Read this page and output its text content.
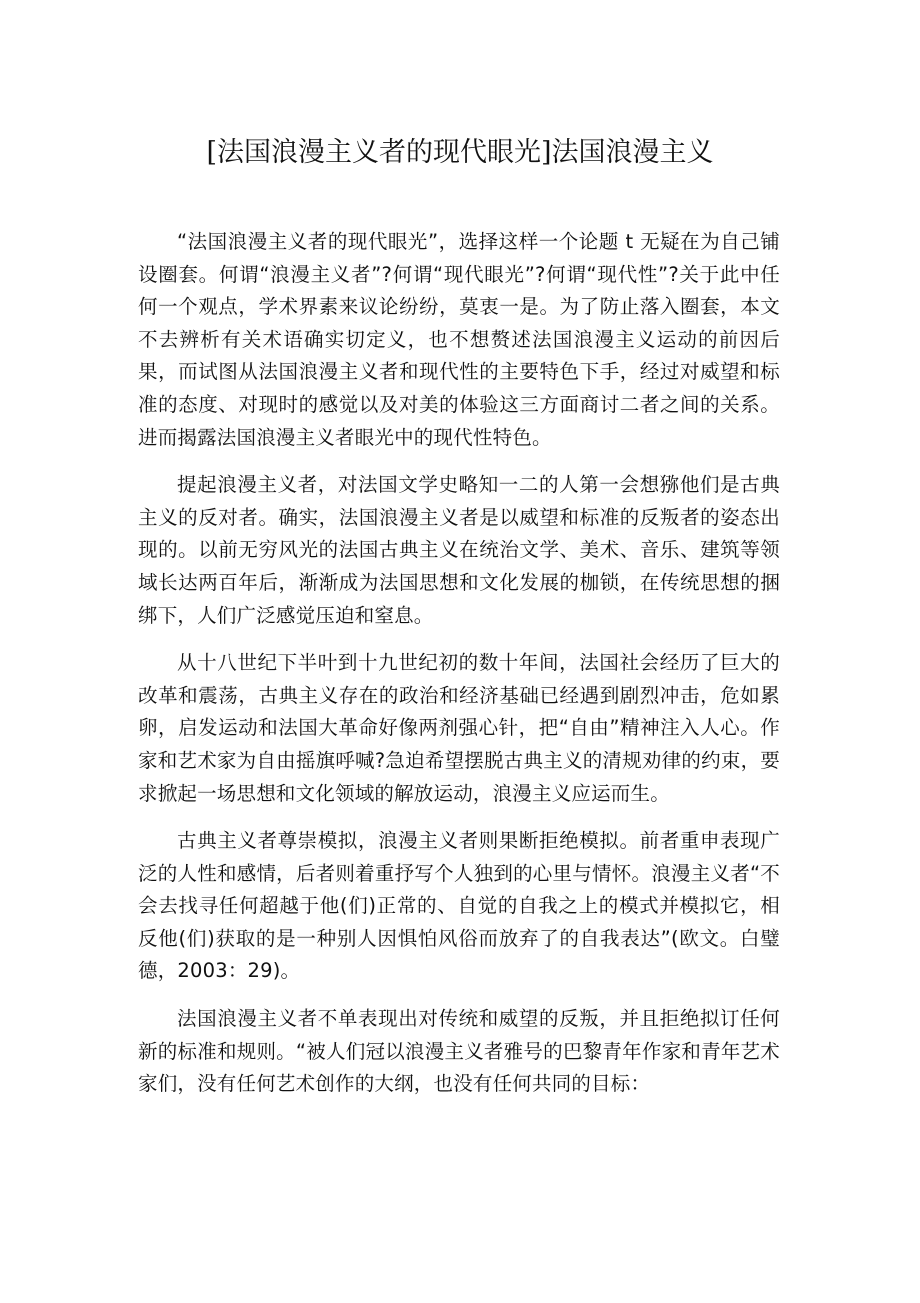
[法国浪漫主义者的现代眼光]法国浪漫主义

“法国浪漫主义者的现代眼光”，选择这样一个论题 t 无疑在为自己铺设圈套。何谓“浪漫主义者”?何谓“现代眼光”?何谓“现代性”?关于此中任何一个观点，学术界素来议论纷纷，莫衷一是。为了防止落入圈套，本文不去辨析有关术语确实切定义，也不想赘述法国浪漫主义运动的前因后果，而试图从法国浪漫主义者和现代性的主要特色下手，经过对威望和标准的态度、对现时的感觉以及对美的体验这三方面商讨二者之间的关系。进而揭露法国浪漫主义者眼光中的现代性特色。

提起浪漫主义者，对法国文学史略知一二的人第一会想猕他们是古典主义的反对者。确实，法国浪漫主义者是以威望和标准的反叛者的姿态出现的。以前无穷风光的法国古典主义在统治文学、美术、音乐、建筑等领域长达两百年后，渐渐成为法国思想和文化发展的枷锁，在传统思想的捆绑下，人们广泛感觉压迫和窒息。

从十八世纪下半叶到十九世纪初的数十年间，法国社会经历了巨大的改革和震荡，古典主义存在的政治和经济基础已经遇到剧烈冲击，危如累卵，启发运动和法国大革命好像两剂强心针，把“自由”精神注入人心。作家和艺术家为自由摇旗呼喊?急迫希望摆脱古典主义的清规劝律的约束，要求掀起一场思想和文化领域的解放运动，浪漫主义应运而生。

古典主义者尊崇模拟，浪漫主义者则果断拒绝模拟。前者重申表现广泛的人性和感情，后者则着重抒写个人独到的心里与情怀。浪漫主义者“不会去找寻任何超越于他(们)正常的、自觉的自我之上的模式并模拟它，相反他(们)获取的是一种别人因惧怕风俗而放弃了的自我表达”(欧文。白璧德，2003：29)。

法国浪漫主义者不单表现出对传统和威望的反叛，并且拒绝拟订任何新的标准和规则。“被人们冠以浪漫主义者雅号的巴黎青年作家和青年艺术家们，没有任何艺术创作的大纲，也没有任何共同的目标：
